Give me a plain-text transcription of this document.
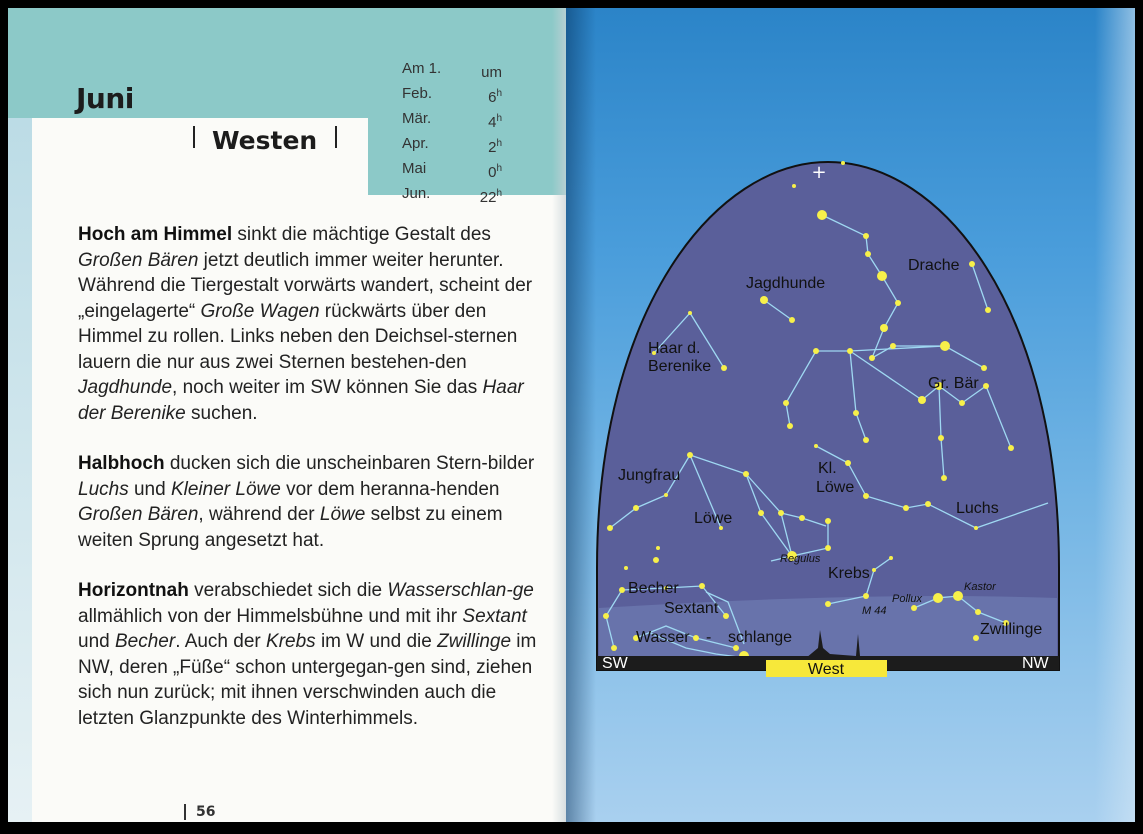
Juni
Westen
Am 1.	um
Feb.	6$^h$
Mär.	4$^h$
Apr.	2$^h$
Mai	0$^h$
Jun.	22$^h$

Hoch am Himmel sinkt die mächtige Gestalt des Großen Bären jetzt deutlich immer weiter herunter. Während die Tiergestalt vorwärts wandert, scheint der „eingelagerte“ Große Wagen rückwärts über den Himmel zu rollen. Links neben den Deichsel-sternen lauern die nur aus zwei Sternen bestehen-den Jagdhunde, noch weiter im SW können Sie das Haar der Berenike suchen.

Halbhoch ducken sich die unscheinbaren Stern-bilder Luchs und Kleiner Löwe vor dem heranna-henden Großen Bären, während der Löwe selbst zu einem weiten Sprung angesetzt hat.

Horizontnah verabschiedet sich die Wasserschlan-ge allmählich von der Himmelsbühne und mit ihr Sextant und Becher. Auch der Krebs im W und die Zwillinge im NW, deren „Füße“ schon untergegan-gen sind, ziehen sich nun zurück; mit ihnen verschwinden auch die letzten Glanzpunkte des Winterhimmels.

56
+
Drache
Jagdhunde
Haar d.
Berenike
Gr. Bär
Jungfrau	Kl.
Löwe
Luchs
Löwe
Regulus
Krebs
Becher
Sextant	M 44
Pollux
Kastor
Wasser - schlange	Zwillinge
SW	NW
West
